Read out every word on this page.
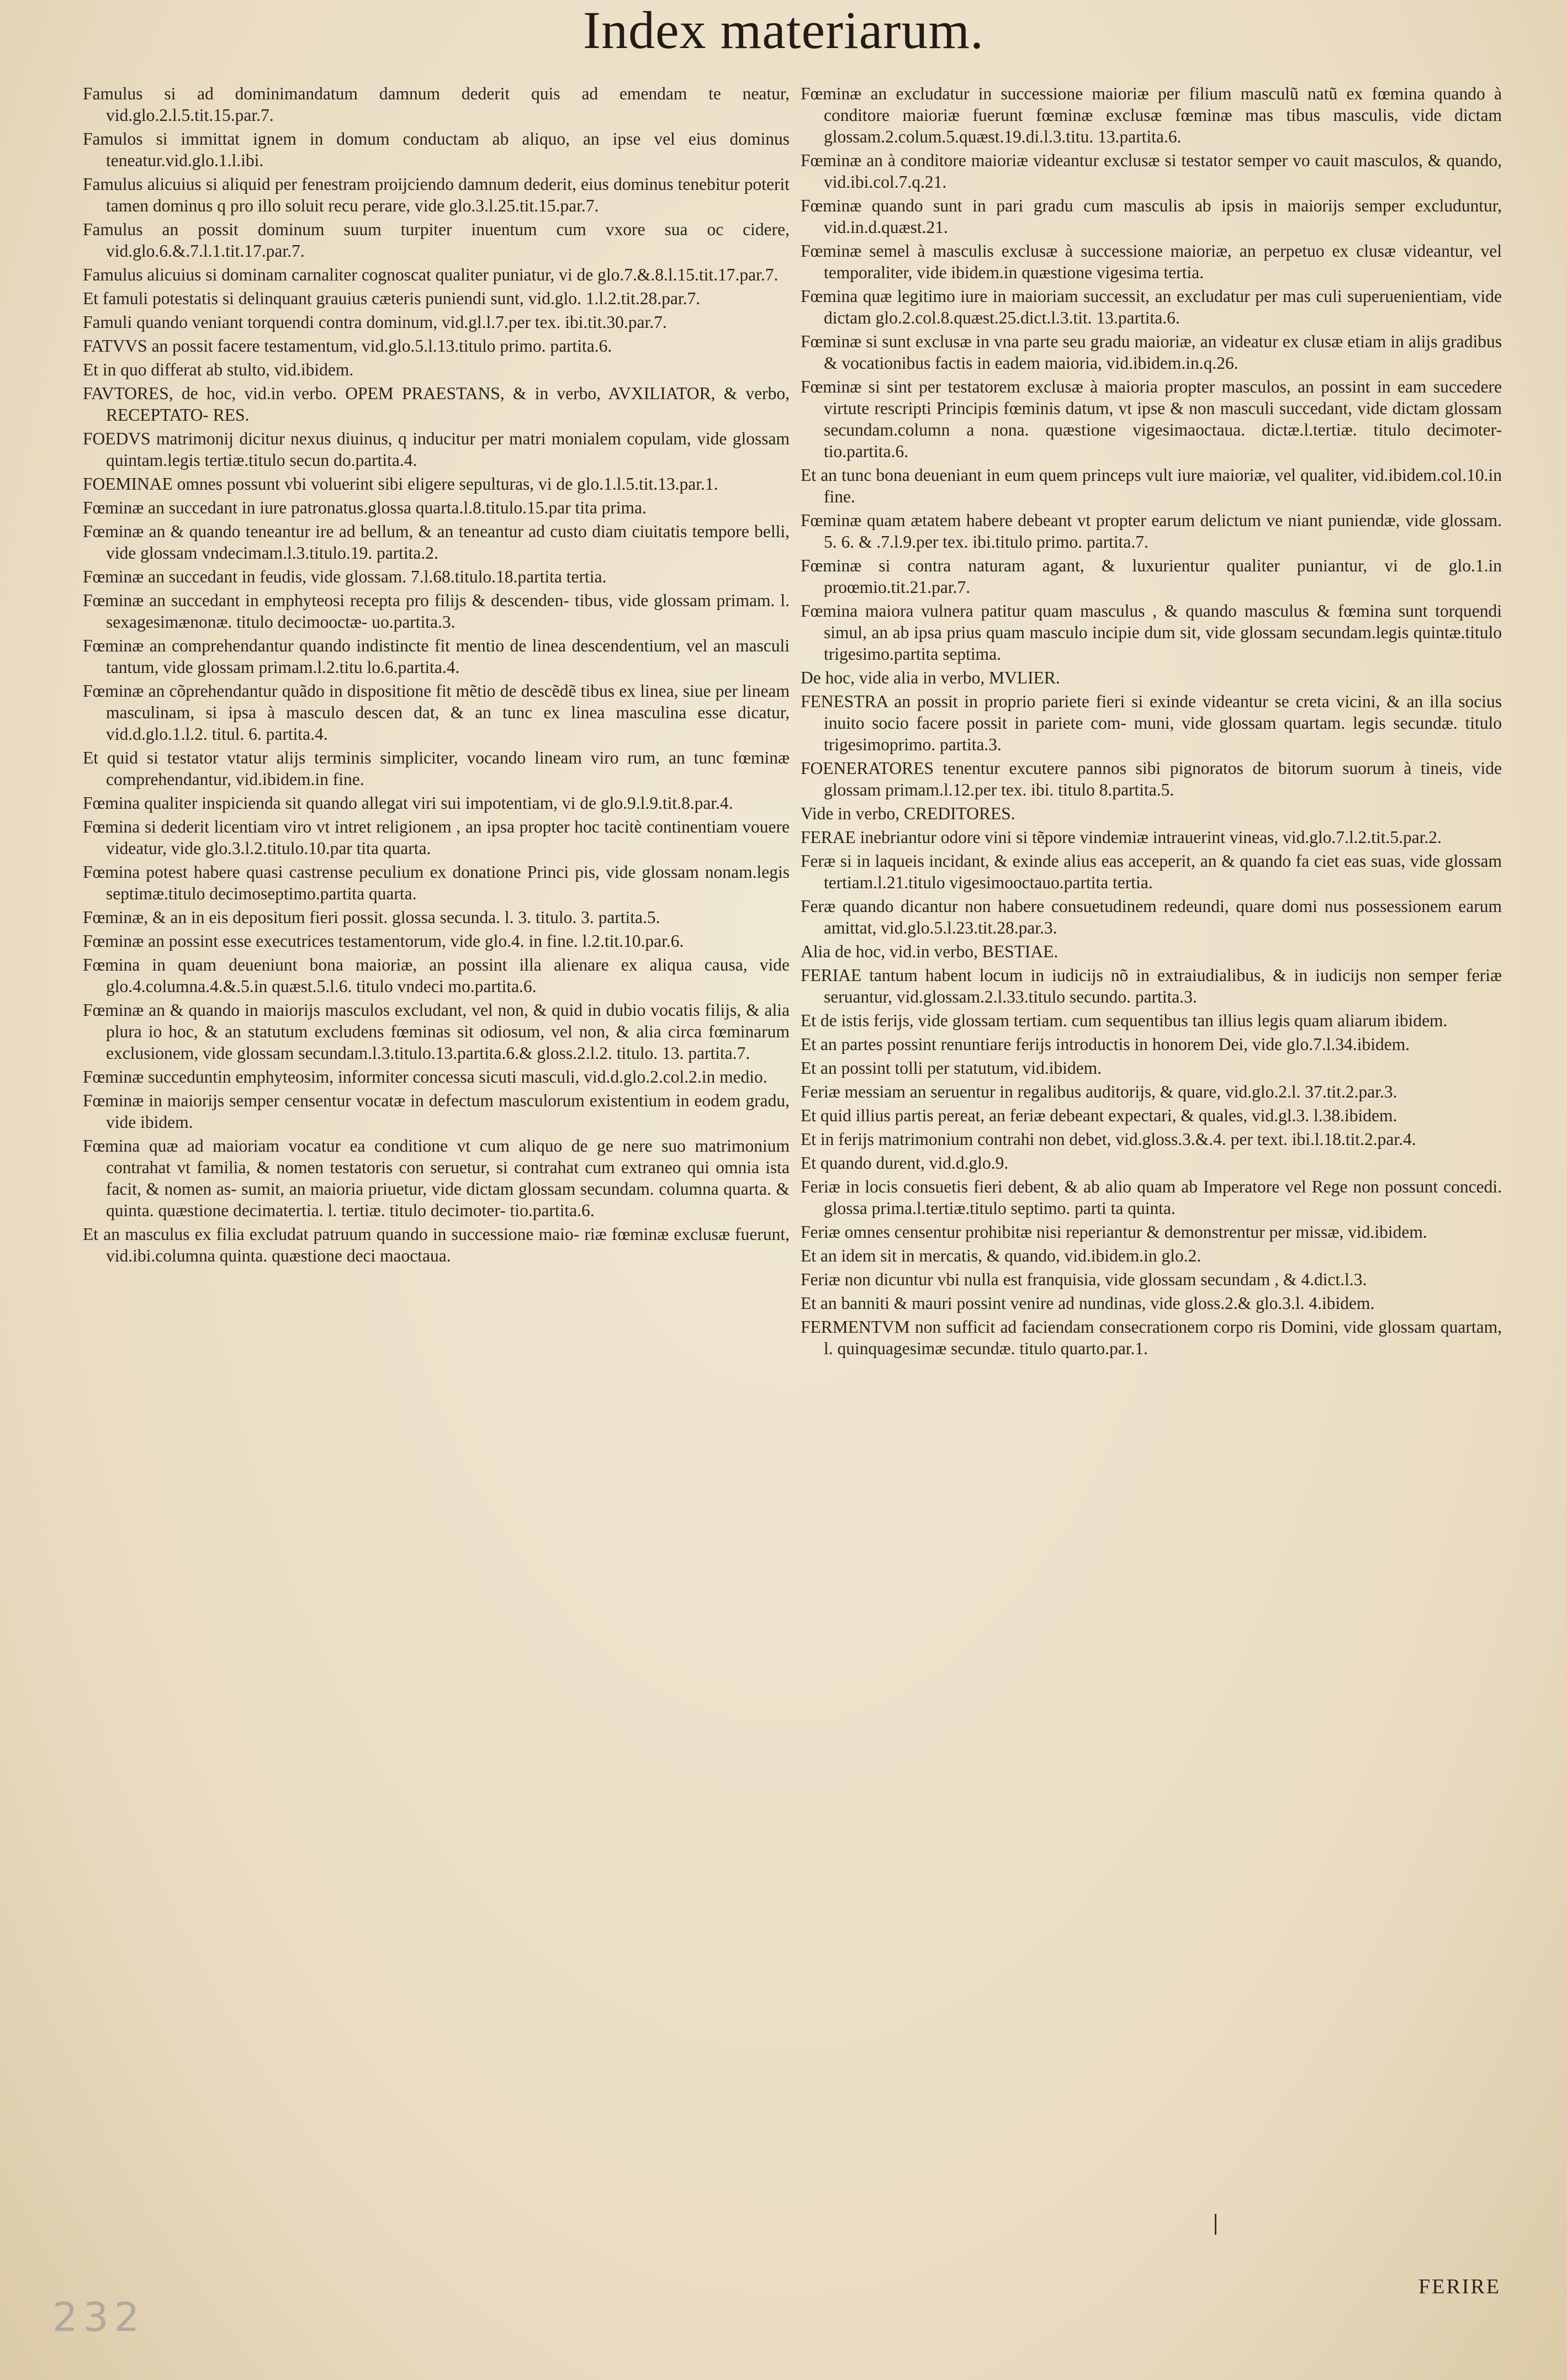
Index materiarum.

Famulus si ad dominimandatum damnum dederit quis ad emendam te neatur, vid.glo.2.l.5.tit.15.par.7.

Famulos si immittat ignem in domum conductam ab aliquo, an ipse vel eius dominus teneatur.vid.glo.1.l.ibi.

Famulus alicuius si aliquid per fenestram proijciendo damnum dederit, eius dominus tenebitur poterit tamen dominus q pro illo soluit recu perare, vide glo.3.l.25.tit.15.par.7.

Famulus an possit dominum suum turpiter inuentum cum vxore sua oc cidere, vid.glo.6.&.7.l.1.tit.17.par.7.

Famulus alicuius si dominam carnaliter cognoscat qualiter puniatur, vi de glo.7.&.8.l.15.tit.17.par.7.

Et famuli potestatis si delinquant grauius cæteris puniendi sunt, vid.glo. 1.l.2.tit.28.par.7.

Famuli quando veniant torquendi contra dominum, vid.gl.l.7.per tex. ibi.tit.30.par.7.

FATVVS an possit facere testamentum, vid.glo.5.l.13.titulo primo. partita.6.

Et in quo differat ab stulto, vid.ibidem.

FAVTORES, de hoc, vid.in verbo. OPEM PRAESTANS, & in verbo, AVXILIATOR, & verbo, RECEPTATO- RES.

FOEDVS matrimonij dicitur nexus diuinus, q inducitur per matri monialem copulam, vide glossam quintam.legis tertiæ.titulo secun do.partita.4.

FOEMINAE omnes possunt vbi voluerint sibi eligere sepulturas, vi de glo.1.l.5.tit.13.par.1.

Fœminæ an succedant in iure patronatus.glossa quarta.l.8.titulo.15.par tita prima.

Fœminæ an & quando teneantur ire ad bellum, & an teneantur ad custo diam ciuitatis tempore belli, vide glossam vndecimam.l.3.titulo.19. partita.2.

Fœminæ an succedant in feudis, vide glossam. 7.l.68.titulo.18.partita tertia.

Fœminæ an succedant in emphyteosi recepta pro filijs & descenden- tibus, vide glossam primam. l. sexagesimænonæ. titulo decimooctæ- uo.partita.3.

Fœminæ an comprehendantur quando indistincte fit mentio de linea descendentium, vel an masculi tantum, vide glossam primam.l.2.titu lo.6.partita.4.

Fœminæ an cõprehendantur quãdo in dispositione fit mẽtio de descẽdẽ tibus ex linea, siue per lineam masculinam, si ipsa à masculo descen dat, & an tunc ex linea masculina esse dicatur, vid.d.glo.1.l.2. titul. 6. partita.4.

Et quid si testator vtatur alijs terminis simpliciter, vocando lineam viro rum, an tunc fœminæ comprehendantur, vid.ibidem.in fine.

Fœmina qualiter inspicienda sit quando allegat viri sui impotentiam, vi de glo.9.l.9.tit.8.par.4.

Fœmina si dederit licentiam viro vt intret religionem , an ipsa propter hoc tacitè continentiam vouere videatur, vide glo.3.l.2.titulo.10.par tita quarta.

Fœmina potest habere quasi castrense peculium ex donatione Princi pis, vide glossam nonam.legis septimæ.titulo decimoseptimo.partita quarta.

Fœminæ, & an in eis depositum fieri possit. glossa secunda. l. 3. titulo. 3. partita.5.

Fœminæ an possint esse executrices testamentorum, vide glo.4. in fine. l.2.tit.10.par.6.

Fœmina in quam deueniunt bona maioriæ, an possint illa alienare ex aliqua causa, vide glo.4.columna.4.&.5.in quæst.5.l.6. titulo vndeci mo.partita.6.

Fœminæ an & quando in maiorijs masculos excludant, vel non, & quid in dubio vocatis filijs, & alia plura io hoc, & an statutum excludens fœminas sit odiosum, vel non, & alia circa fœminarum exclusionem, vide glossam secundam.l.3.titulo.13.partita.6.& gloss.2.l.2. titulo. 13. partita.7.

Fœminæ succeduntin emphyteosim, informiter concessa sicuti masculi, vid.d.glo.2.col.2.in medio.

Fœminæ in maiorijs semper censentur vocatæ in defectum masculorum existentium in eodem gradu, vide ibidem.

Fœmina quæ ad maioriam vocatur ea conditione vt cum aliquo de ge nere suo matrimonium contrahat vt familia, & nomen testatoris con seruetur, si contrahat cum extraneo qui omnia ista facit, & nomen as- sumit, an maioria priuetur, vide dictam glossam secundam. columna quarta. & quinta. quæstione decimatertia. l. tertiæ. titulo decimoter- tio.partita.6.

Et an masculus ex filia excludat patruum quando in successione maio- riæ fœminæ exclusæ fuerunt, vid.ibi.columna quinta. quæstione deci maoctaua.

Fœminæ an excludatur in successione maioriæ per filium masculũ natũ ex fœmina quando à conditore maioriæ fuerunt fœminæ exclusæ fœminæ mas tibus masculis, vide dictam glossam.2.colum.5.quæst.19.di.l.3.titu. 13.partita.6.

Fœminæ an à conditore maioriæ videantur exclusæ si testator semper vo cauit masculos, & quando, vid.ibi.col.7.q.21.

Fœminæ quando sunt in pari gradu cum masculis ab ipsis in maiorijs semper excluduntur, vid.in.d.quæst.21.

Fœminæ semel à masculis exclusæ à successione maioriæ, an perpetuo ex clusæ videantur, vel temporaliter, vide ibidem.in quæstione vigesima tertia.

Fœmina quæ legitimo iure in maioriam successit, an excludatur per mas culi superuenientiam, vide dictam glo.2.col.8.quæst.25.dict.l.3.tit. 13.partita.6.

Fœminæ si sunt exclusæ in vna parte seu gradu maioriæ, an videatur ex clusæ etiam in alijs gradibus & vocationibus factis in eadem maioria, vid.ibidem.in.q.26.

Fœminæ si sint per testatorem exclusæ à maioria propter masculos, an possint in eam succedere virtute rescripti Principis fœminis datum, vt ipse & non masculi succedant, vide dictam glossam secundam.column a nona. quæstione vigesimaoctaua. dictæ.l.tertiæ. titulo decimoter- tio.partita.6.

Et an tunc bona deueniant in eum quem princeps vult iure maioriæ, vel qualiter, vid.ibidem.col.10.in fine.

Fœminæ quam ætatem habere debeant vt propter earum delictum ve niant puniendæ, vide glossam. 5. 6. & .7.l.9.per tex. ibi.titulo primo. partita.7.

Fœminæ si contra naturam agant, & luxurientur qualiter puniantur, vi de glo.1.in proœmio.tit.21.par.7.

Fœmina maiora vulnera patitur quam masculus , & quando masculus & fœmina sunt torquendi simul, an ab ipsa prius quam masculo incipie dum sit, vide glossam secundam.legis quintæ.titulo trigesimo.partita septima.

De hoc, vide alia in verbo, MVLIER.

FENESTRA an possit in proprio pariete fieri si exinde videantur se creta vicini, & an illa socius inuito socio facere possit in pariete com- muni, vide glossam quartam. legis secundæ. titulo trigesimoprimo. partita.3.

FOENERATORES tenentur excutere pannos sibi pignoratos de bitorum suorum à tineis, vide glossam primam.l.12.per tex. ibi. titulo 8.partita.5.

Vide in verbo, CREDITORES.

FERAE inebriantur odore vini si tẽpore vindemiæ intrauerint vineas, vid.glo.7.l.2.tit.5.par.2.

Feræ si in laqueis incidant, & exinde alius eas acceperit, an & quando fa ciet eas suas, vide glossam tertiam.l.21.titulo vigesimooctauo.partita tertia.

Feræ quando dicantur non habere consuetudinem redeundi, quare domi nus possessionem earum amittat, vid.glo.5.l.23.tit.28.par.3.

Alia de hoc, vid.in verbo, BESTIAE.

FERIAE tantum habent locum in iudicijs nõ in extraiudialibus, & in iudicijs non semper feriæ seruantur, vid.glossam.2.l.33.titulo secundo. partita.3.

Et de istis ferijs, vide glossam tertiam. cum sequentibus tan illius legis quam aliarum ibidem.

Et an partes possint renuntiare ferijs introductis in honorem Dei, vide glo.7.l.34.ibidem.

Et an possint tolli per statutum, vid.ibidem.

Feriæ messiam an seruentur in regalibus auditorijs, & quare, vid.glo.2.l. 37.tit.2.par.3.

Et quid illius partis pereat, an feriæ debeant expectari, & quales, vid.gl.3. l.38.ibidem.

Et in ferijs matrimonium contrahi non debet, vid.gloss.3.&.4. per text. ibi.l.18.tit.2.par.4.

Et quando durent, vid.d.glo.9.

Feriæ in locis consuetis fieri debent, & ab alio quam ab Imperatore vel Rege non possunt concedi. glossa prima.l.tertiæ.titulo septimo. parti ta quinta.

Feriæ omnes censentur prohibitæ nisi reperiantur & demonstrentur per missæ, vid.ibidem.

Et an idem sit in mercatis, & quando, vid.ibidem.in glo.2.

Feriæ non dicuntur vbi nulla est franquisia, vide glossam secundam , & 4.dict.l.3.

Et an banniti & mauri possint venire ad nundinas, vide gloss.2.& glo.3.l. 4.ibidem.

FERMENTVM non sufficit ad faciendam consecrationem corpo ris Domini, vide glossam quartam, l. quinquagesimæ secundæ. titulo quarto.par.1.

FERIRE
232
